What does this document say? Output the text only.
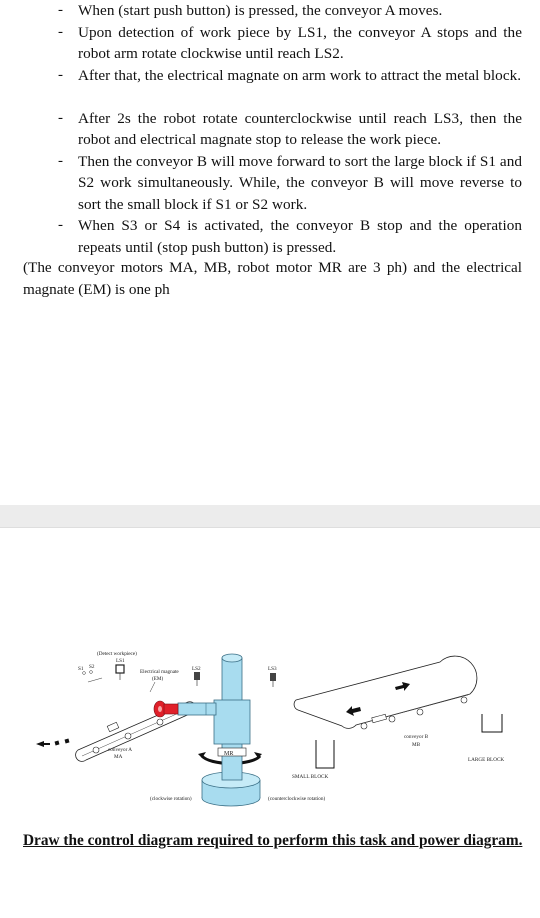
- When (start push button) is pressed, the conveyor A moves.
- Upon detection of work piece by LS1, the conveyor A stops and the robot arm rotate clockwise until reach LS2.
- After that, the electrical magnate on arm work to attract the metal block.
- After 2s the robot rotate counterclockwise until reach LS3, then the robot and electrical magnate stop to release the work piece.
- Then the conveyor B will move forward to sort the large block if S1 and S2 work simultaneously. While, the conveyor B will move reverse to sort the small block if S1 or S2 work.
- When S3 or S4 is activated, the conveyor B stop and the operation repeats until (stop push button) is pressed.
(The conveyor motors MA, MB, robot motor MR are 3 ph) and the electrical magnate (EM) is one ph
S1 S2
conveyor A
MA
(Detect workpiece)
LS1
Electrical magnate
(EM)
LS2
MR
(clockwise rotation)	(counterclockwise rotation)
LS3
SMALL BLOCK
conveyor B
MB
LARGE BLOCK
Draw the control diagram required to perform this task and power diagram.
